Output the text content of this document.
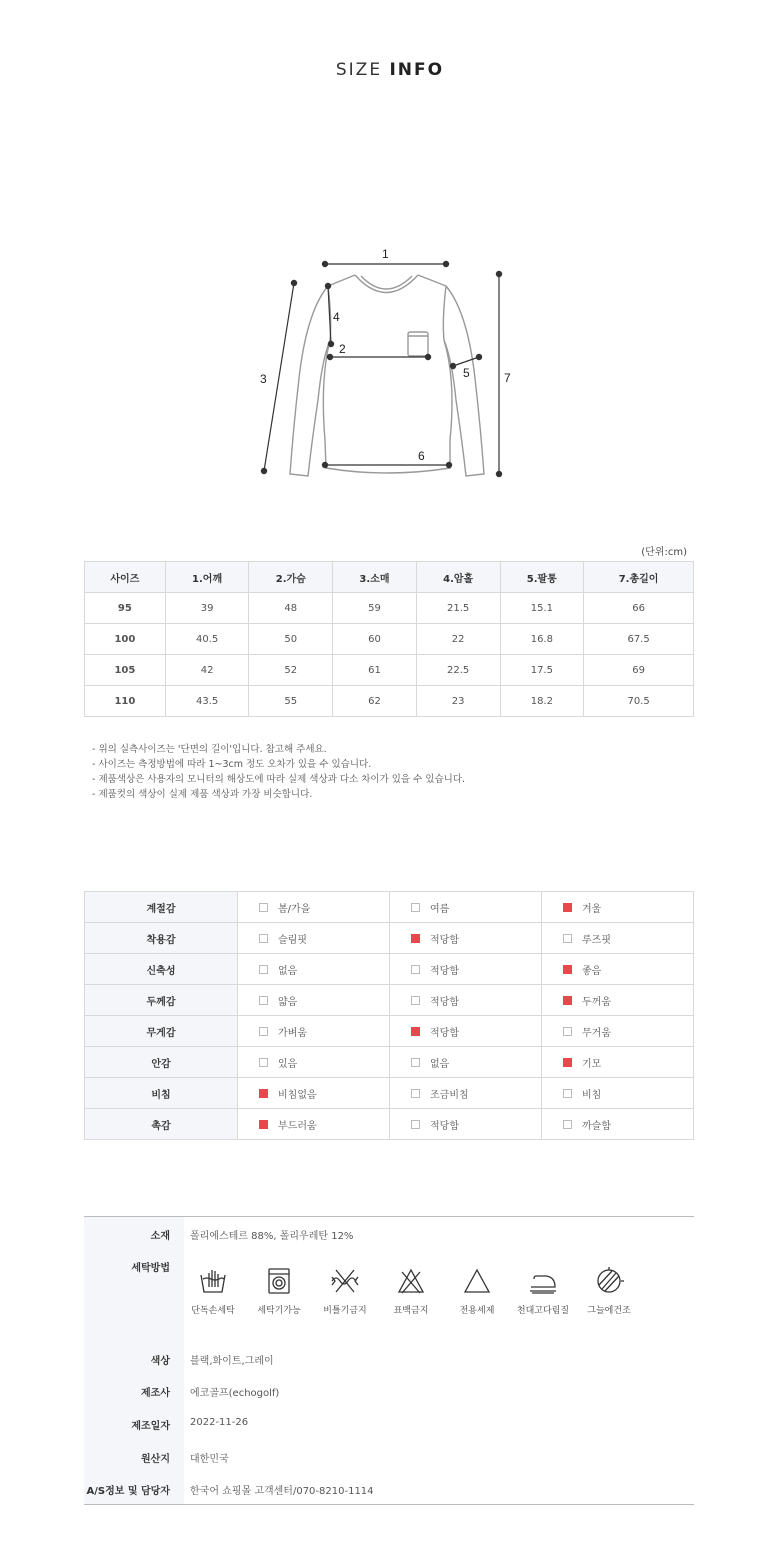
SIZE INFO
1
2
3
4
5
6
7
(단위:cm)
사이즈	1.어깨	2.가슴	3.소매	4.암홀	5.팔통	7.총길이
95	39	48	59	21.5	15.1	66
100	40.5	50	60	22	16.8	67.5
105	42	52	61	22.5	17.5	69
110	43.5	55	62	23	18.2	70.5
- 위의 실측사이즈는 '단면의 길이'입니다. 참고해 주세요.
- 사이즈는 측정방법에 따라 1~3cm 정도 오차가 있을 수 있습니다.
- 제품색상은 사용자의 모니터의 해상도에 따라 실제 색상과 다소 차이가 있을 수 있습니다.
- 제품컷의 색상이 실제 제품 색상과 가장 비슷합니다.
계절감	봄/가을	여름	겨울
착용감	슬림핏	적당함	루즈핏
신축성	없음	적당함	좋음
두께감	얇음	적당함	두꺼움
무게감	가벼움	적당함	무거움
안감	있음	없음	기모
비침	비침없음	조금비침	비침
촉감	부드러움	적당함	까슬함
소재 폴리에스테르 88%, 폴리우레탄 12%
세탁방법
단독손세탁	세탁기가능	비틀기금지	표백금지	전용세제	천대고다림질	그늘에건조
색상 블랙,화이트,그레이
제조사 에코골프(echogolf)
제조일자 2022-11-26
원산지 대한민국
A/S정보 및 담당자 한국어 쇼핑몰 고객센터/070-8210-1114
